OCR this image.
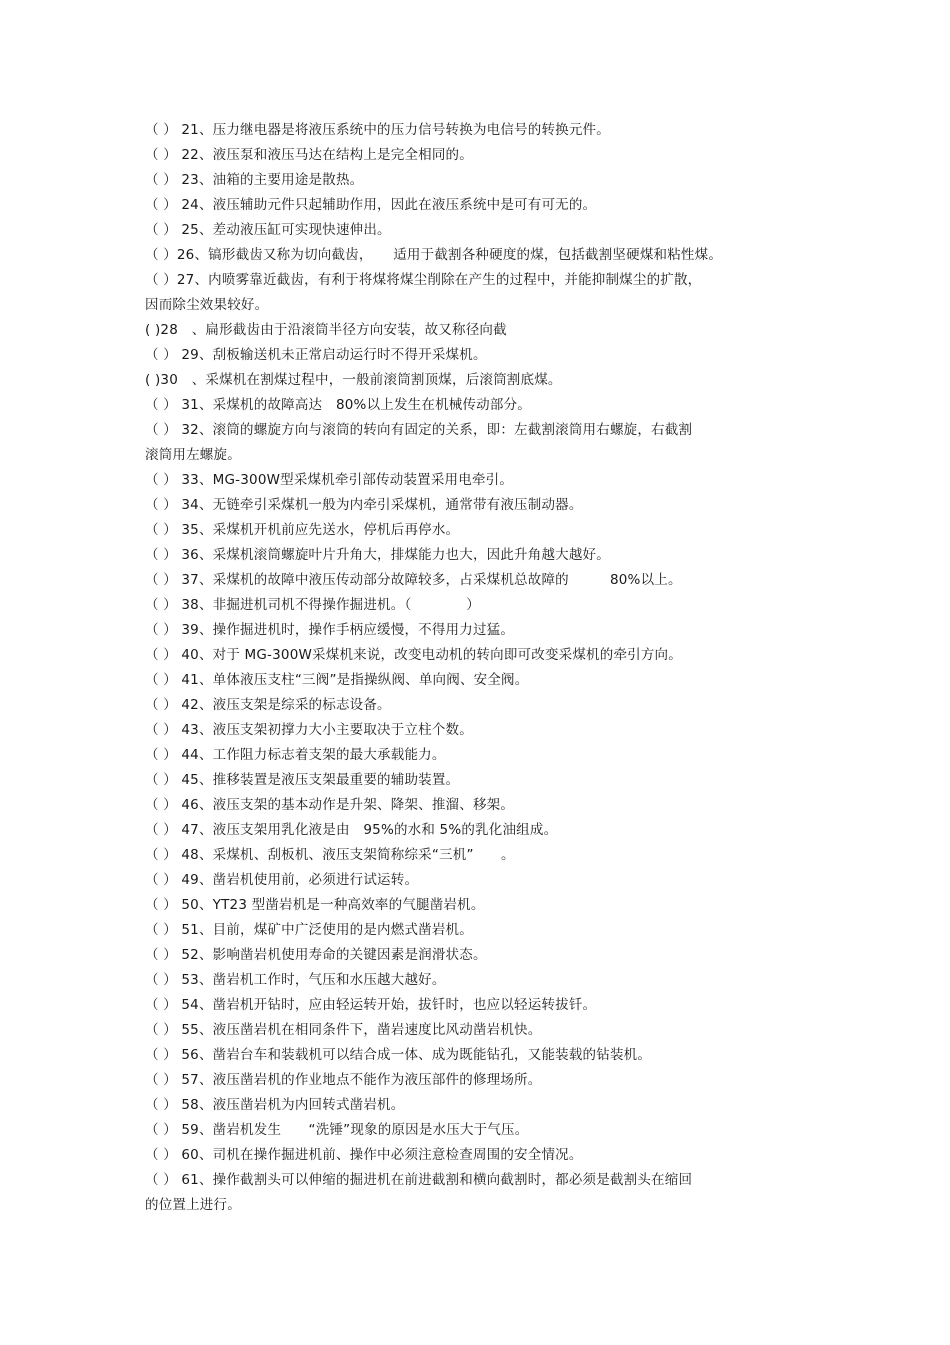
（ ） 21、压力继电器是将液压系统中的压力信号转换为电信号的转换元件。
（ ） 22、液压泵和液压马达在结构上是完全相同的。
（ ） 23、油箱的主要用途是散热。
（ ） 24、液压辅助元件只起辅助作用，因此在液压系统中是可有可无的。
（ ） 25、差动液压缸可实现快速伸出。
（ ）26、镐形截齿又称为切向截齿，　　适用于截割各种硬度的煤，包括截割坚硬煤和粘性煤。
（ ）27、内喷雾靠近截齿，有利于将煤将煤尘削除在产生的过程中，并能抑制煤尘的扩散，
因而除尘效果较好。
( )28　、扁形截齿由于沿滚筒半径方向安装，故又称径向截
（ ） 29、刮板输送机未正常启动运行时不得开采煤机。
( )30　、采煤机在割煤过程中，一般前滚筒割顶煤，后滚筒割底煤。
（ ） 31、采煤机的故障高达　80%以上发生在机械传动部分。
（ ） 32、滚筒的螺旋方向与滚筒的转向有固定的关系，即：左截割滚筒用右螺旋，右截割
滚筒用左螺旋。
（ ） 33、MG-300W型采煤机牵引部传动装置采用电牵引。
（ ） 34、无链牵引采煤机一般为内牵引采煤机，通常带有液压制动器。
（ ） 35、采煤机开机前应先送水，停机后再停水。
（ ） 36、采煤机滚筒螺旋叶片升角大，排煤能力也大，因此升角越大越好。
（ ） 37、采煤机的故障中液压传动部分故障较多，占采煤机总故障的　　　80%以上。
（ ） 38、非掘进机司机不得操作掘进机。（　　　　）
（ ） 39、操作掘进机时，操作手柄应缓慢，不得用力过猛。
（ ） 40、对于 MG-300W采煤机来说，改变电动机的转向即可改变采煤机的牵引方向。
（ ） 41、单体液压支柱“三阀”是指操纵阀、单向阀、安全阀。
（ ） 42、液压支架是综采的标志设备。
（ ） 43、液压支架初撑力大小主要取决于立柱个数。
（ ） 44、工作阻力标志着支架的最大承载能力。
（ ） 45、推移装置是液压支架最重要的辅助装置。
（ ） 46、液压支架的基本动作是升架、降架、推溜、移架。
（ ） 47、液压支架用乳化液是由　95%的水和 5%的乳化油组成。
（ ） 48、采煤机、刮板机、液压支架简称综采“三机”　　。
（ ） 49、凿岩机使用前，必须进行试运转。
（ ） 50、YT23 型凿岩机是一种高效率的气腿凿岩机。
（ ） 51、目前，煤矿中广泛使用的是内燃式凿岩机。
（ ） 52、影响凿岩机使用寿命的关键因素是润滑状态。
（ ） 53、凿岩机工作时，气压和水压越大越好。
（ ） 54、凿岩机开钻时，应由轻运转开始，拔钎时，也应以轻运转拔钎。
（ ） 55、液压凿岩机在相同条件下，凿岩速度比风动凿岩机快。
（ ） 56、凿岩台车和装载机可以结合成一体、成为既能钻孔，又能装载的钻装机。
（ ） 57、液压凿岩机的作业地点不能作为液压部件的修理场所。
（ ） 58、液压凿岩机为内回转式凿岩机。
（ ） 59、凿岩机发生　　“洗锤”现象的原因是水压大于气压。
（ ） 60、司机在操作掘进机前、操作中必须注意检查周围的安全情况。
（ ） 61、操作截割头可以伸缩的掘进机在前进截割和横向截割时，都必须是截割头在缩回
的位置上进行。
